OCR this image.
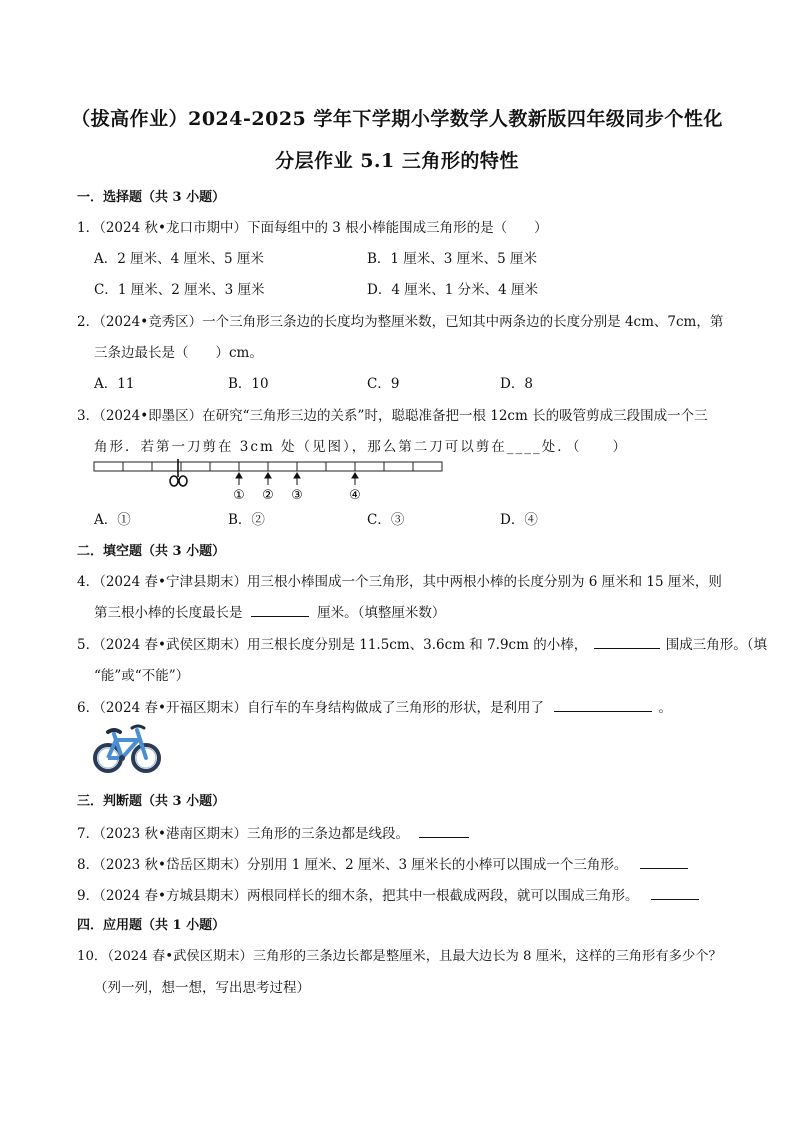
（拔高作业）2024-2025 学年下学期小学数学人教新版四年级同步个性化
分层作业 5.1 三角形的特性
一．选择题（共 3 小题）
1．（2024 秋•龙口市期中）下面每组中的 3 根小棒能围成三角形的是（　　）
A．2 厘米、4 厘米、5 厘米	B．1 厘米、3 厘米、5 厘米
C．1 厘米、2 厘米、3 厘米	D．4 厘米、1 分米、4 厘米
2．（2024•竞秀区）一个三角形三条边的长度均为整厘米数，已知其中两条边的长度分别是 4cm、7cm，第
三条边最长是（　　）cm。
A．11	B．10	C．9	D．8
3．（2024•即墨区）在研究“三角形三边的关系”时，聪聪准备把一根 12cm 长的吸管剪成三段围成一个三
角形．若第一刀剪在 3cm 处（见图），那么第二刀可以剪在____处．（　　）
① ② ③	④
A．①	B．②	C．③	D．④
二．填空题（共 3 小题）
4．（2024 春•宁津县期末）用三根小棒围成一个三角形，其中两根小棒的长度分别为 6 厘米和 15 厘米，则
第三根小棒的长度最长是	厘米。（填整厘米数）
5．（2024 春•武侯区期末）用三根长度分别是 11.5cm、3.6cm 和 7.9cm 的小棒，	围成三角形。（填
“能”或“不能”）
6．（2024 春•开福区期末）自行车的车身结构做成了三角形的形状，是利用了	。
三．判断题（共 3 小题）
7．（2023 秋•港南区期末）三角形的三条边都是线段。
8．（2023 秋•岱岳区期末）分别用 1 厘米、2 厘米、3 厘米长的小棒可以围成一个三角形。
9．（2024 春•方城县期末）两根同样长的细木条，把其中一根截成两段，就可以围成三角形。
四．应用题（共 1 小题）
10．（2024 春•武侯区期末）三角形的三条边长都是整厘米，且最大边长为 8 厘米，这样的三角形有多少个？
（列一列，想一想，写出思考过程）
